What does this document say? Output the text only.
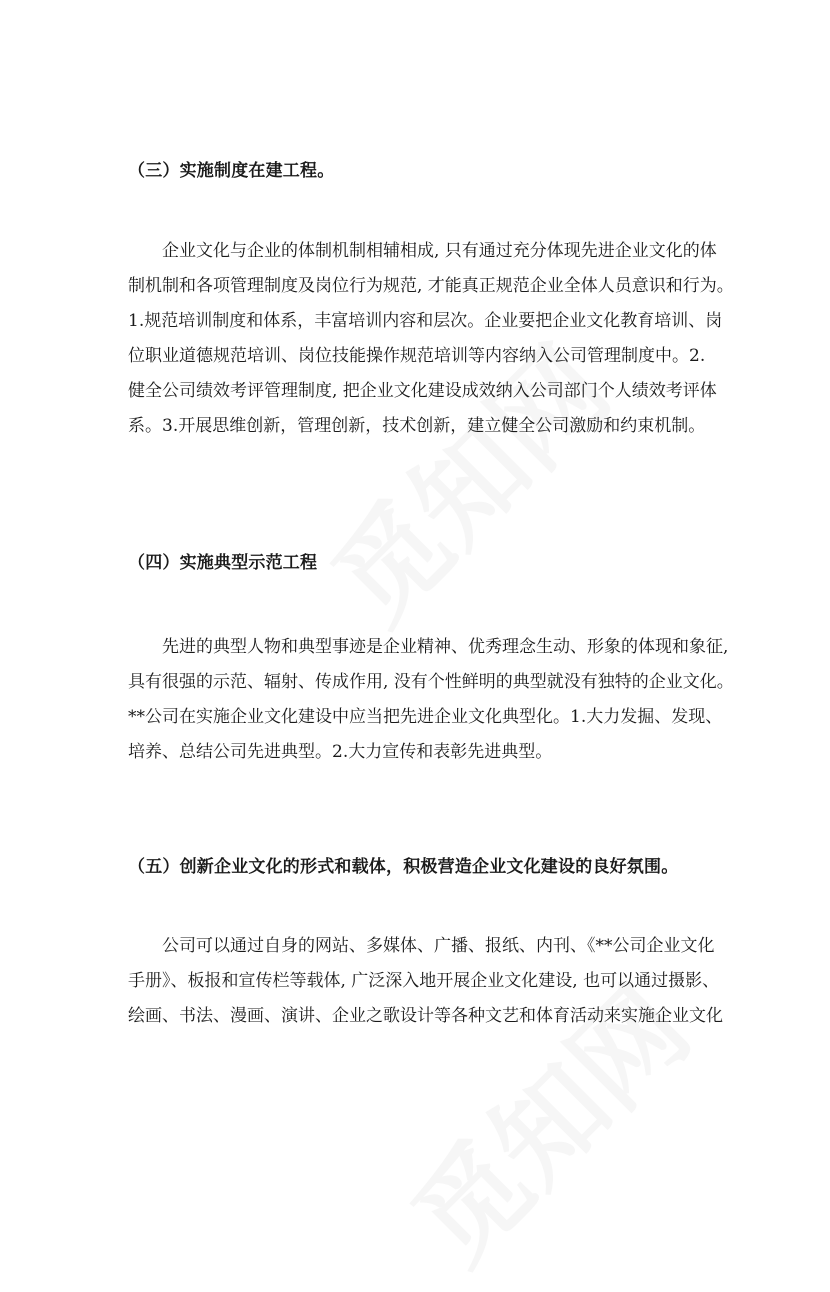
（三）实施制度在建工程。
企业文化与企业的体制机制相辅相成, 只有通过充分体现先进企业文化的体
制机制和各项管理制度及岗位行为规范, 才能真正规范企业全体人员意识和行为。
1.规范培训制度和体系，丰富培训内容和层次。企业要把企业文化教育培训、岗
位职业道德规范培训、岗位技能操作规范培训等内容纳入公司管理制度中。2.
健全公司绩效考评管理制度, 把企业文化建设成效纳入公司部门个人绩效考评体
系。3.开展思维创新，管理创新，技术创新，建立健全公司激励和约束机制。
（四）实施典型示范工程
先进的典型人物和典型事迹是企业精神、优秀理念生动、形象的体现和象征,
具有很强的示范、辐射、传成作用, 没有个性鲜明的典型就没有独特的企业文化。
**公司在实施企业文化建设中应当把先进企业文化典型化。1.大力发掘、发现、
培养、总结公司先进典型。2.大力宣传和表彰先进典型。
（五）创新企业文化的形式和载体，积极营造企业文化建设的良好氛围。
公司可以通过自身的网站、多媒体、广播、报纸、内刊、《**公司企业文化
手册》、板报和宣传栏等载体, 广泛深入地开展企业文化建设, 也可以通过摄影、
绘画、书法、漫画、演讲、企业之歌设计等各种文艺和体育活动来实施企业文化
